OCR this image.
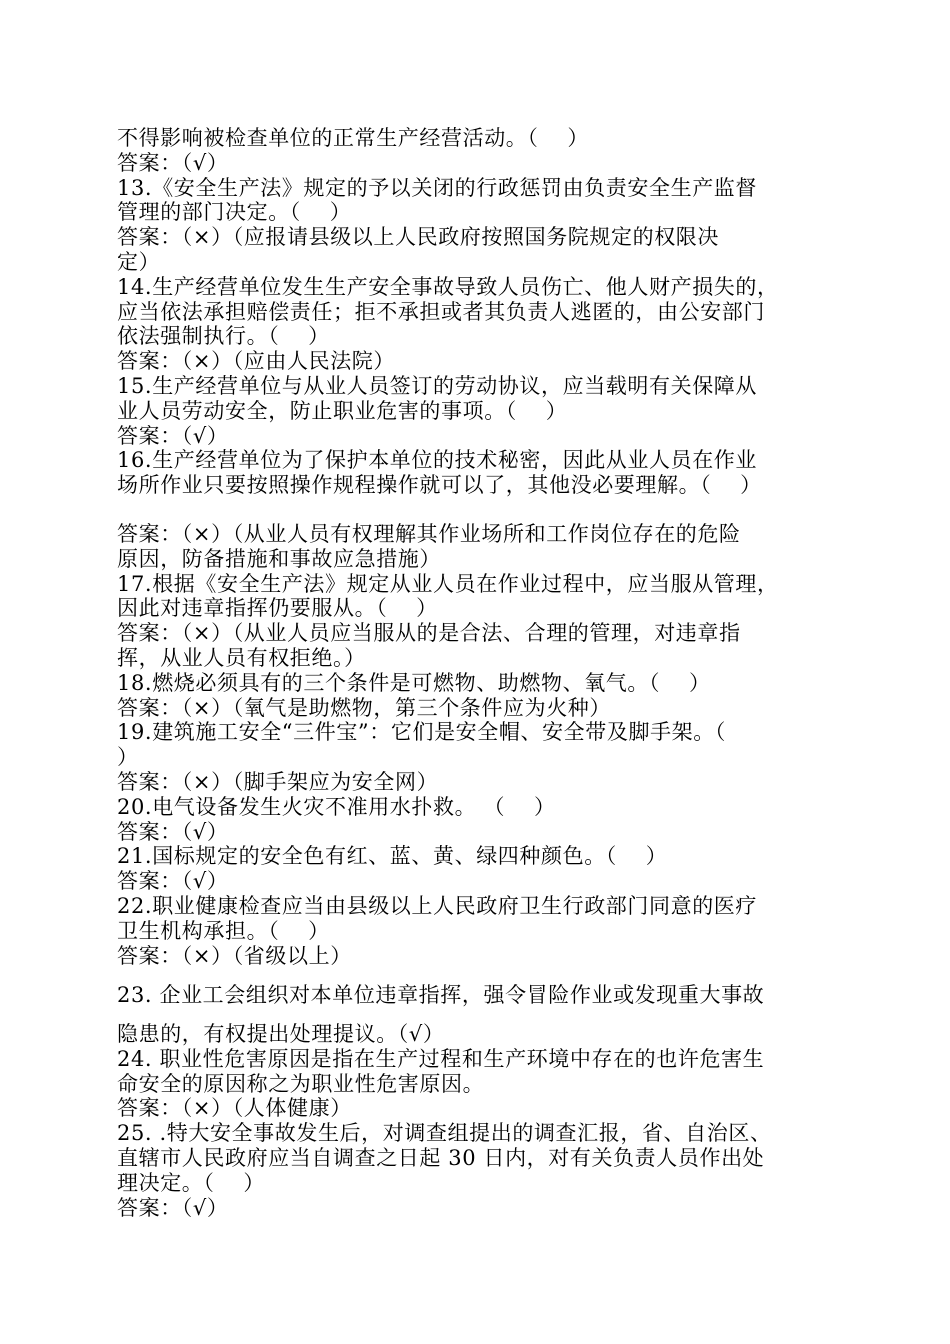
不得影响被检查单位的正常生产经营活动。（　 ）
答案：（√）
13.《安全生产法》规定的予以关闭的行政惩罚由负责安全生产监督
管理的部门决定。（　 ）
答案：（×）（应报请县级以上人民政府按照国务院规定的权限决
定）
14.生产经营单位发生生产安全事故导致人员伤亡、他人财产损失的，
应当依法承担赔偿责任；拒不承担或者其负责人逃匿的，由公安部门
依法强制执行。（　 ）
答案：（×）（应由人民法院）
15.生产经营单位与从业人员签订的劳动协议，应当载明有关保障从
业人员劳动安全，防止职业危害的事项。（　 ）
答案：（√）
16.生产经营单位为了保护本单位的技术秘密，因此从业人员在作业
场所作业只要按照操作规程操作就可以了，其他没必要理解。（　 ）
答案：（×）（从业人员有权理解其作业场所和工作岗位存在的危险
原因，防备措施和事故应急措施）
17.根据《安全生产法》规定从业人员在作业过程中，应当服从管理，
因此对违章指挥仍要服从。（　 ）
答案：（×）（从业人员应当服从的是合法、合理的管理，对违章指
挥，从业人员有权拒绝。）
18.燃烧必须具有的三个条件是可燃物、助燃物、氧气。（　 ）
答案：（×）（氧气是助燃物，第三个条件应为火种）
19.建筑施工安全“三件宝”：它们是安全帽、安全带及脚手架。（
）
答案：（×）（脚手架应为安全网）
20.电气设备发生火灾不准用水扑救。 （　 ）
答案：（√）
21.国标规定的安全色有红、蓝、黄、绿四种颜色。（　 ）
答案：（√）
22.职业健康检查应当由县级以上人民政府卫生行政部门同意的医疗
卫生机构承担。（　 ）
答案：（×）（省级以上）
23. 企业工会组织对本单位违章指挥，强令冒险作业或发现重大事故
隐患的，有权提出处理提议。（√）
24. 职业性危害原因是指在生产过程和生产环境中存在的也许危害生
命安全的原因称之为职业性危害原因。
答案：（×）（人体健康）
25. .特大安全事故发生后，对调查组提出的调查汇报，省、自治区、
直辖市人民政府应当自调查之日起 30 日内，对有关负责人员作出处
理决定。（　 ）
答案：（√）
